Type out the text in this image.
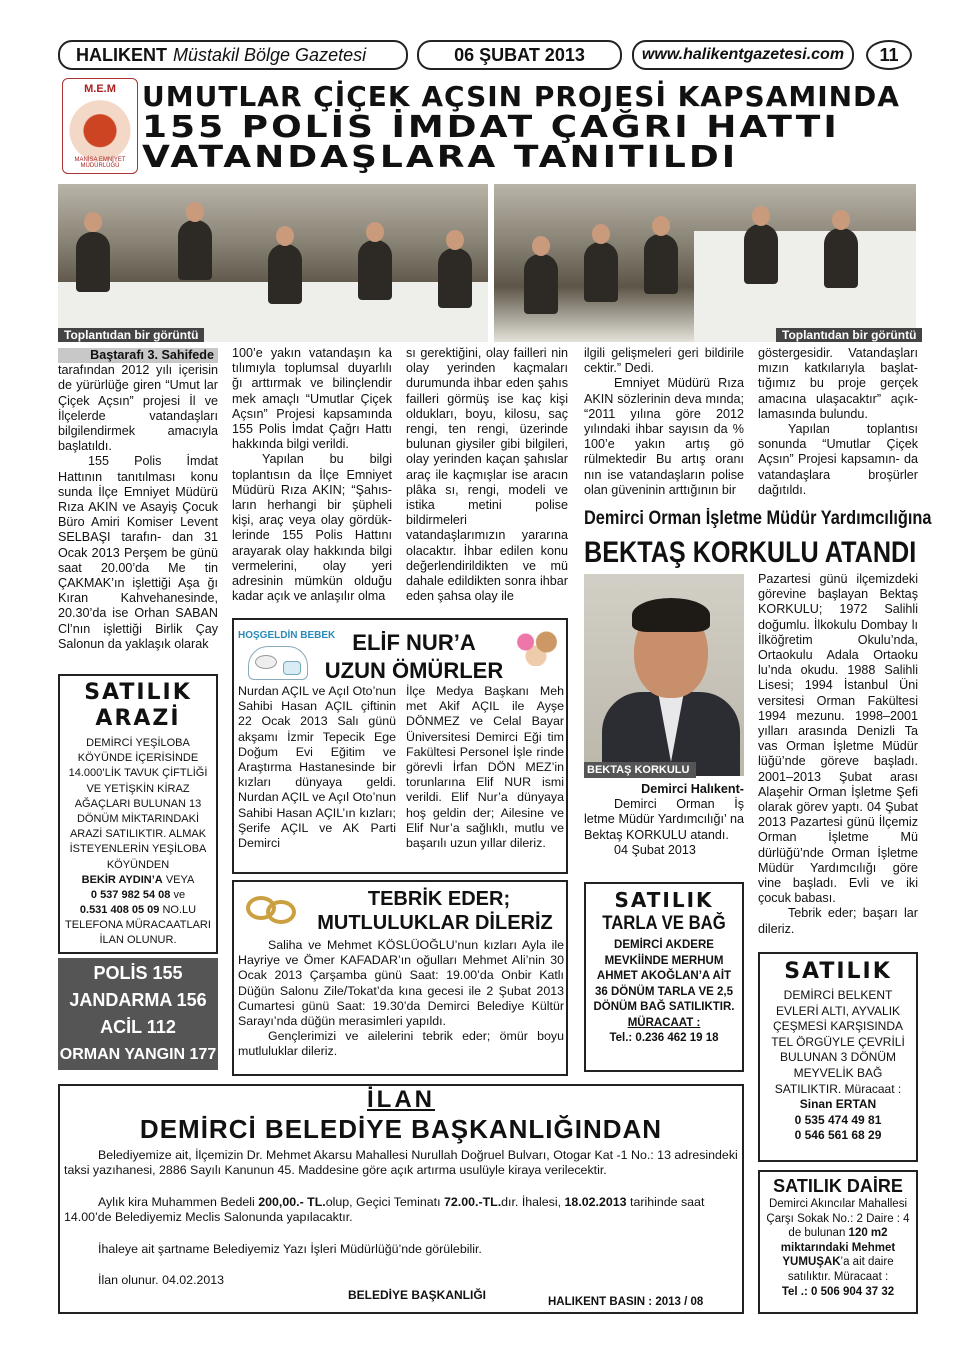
HALIKENT Müstakil Bölge Gazetesi	06 ŞUBAT 2013	www.halikentgazetesi.com	11
M.E.M
MANİSA EMNİYET MÜDÜRLÜĞÜ
UMUTLAR ÇİÇEK AÇSIN PROJESİ KAPSAMINDA
155 POLİS İMDAT ÇAĞRI HATTI
VATANDAŞLARA TANITILDI
Toplantıdan bir görüntü	Toplantıdan bir görüntü
Baştarafı 3. Sahifede

tarafından 2012 yılı içerisin de yürürlüğe giren “Umut lar Çiçek Açsın” projesi İl ve İlçelerde vatandaşları bilgilendirmek amacıyla başlatıldı.

155 Polis İmdat Hattının tanıtılması konu sunda İlçe Emniyet Müdürü Rıza AKIN ve Asayiş Çocuk Büro Amiri Komiser Levent SELBAŞI tarafın- dan 31 Ocak 2013 Perşem be günü saat 20.00’da Me tin ÇAKMAK’ın işlettiği Aşa ğı Kıran Kahvehanesinde, 20.30’da ise Orhan SABAN Cl’nın işlettiği Birlik Çay Salonun da yaklaşık olarak

100’e yakın vatandaşın ka tılımıyla toplumsal duyarlılı ğı arttırmak ve bilinçlendir mek amaçlı “Umutlar Çiçek Açsın” Projesi kapsamında 155 Polis İmdat Çağrı Hattı hakkında bilgi verildi.

Yapılan bu bilgi toplantısın da İlçe Emniyet Müdürü Rıza AKIN; “Şahıs- ların herhangi bir şüpheli kişi, araç veya olay gördük- lerinde 155 Polis Hattını arayarak olay hakkında bilgi vermelerini, olay yeri adresinin mümkün olduğu kadar açık ve anlaşılır olma

sı gerektiğini, olay failleri nin olay yerinden kaçmaları durumunda ihbar eden şahıs failleri görmüş ise kaç kişi oldukları, boyu, kilosu, saç rengi, ten rengi, üzerinde bulunan giysiler gibi bilgileri, olay yerinden kaçan şahıslar araç ile kaçmışlar ise aracın plâka sı, rengi, modeli ve istika metini polise bildirmeleri vatandaşlarımızın yararına olacaktır. İhbar edilen konu değerlendirildikten ve mü dahale edildikten sonra ihbar eden şahsa olay ile

ilgili gelişmeleri geri bildirile cektir.” Dedi.

Emniyet Müdürü Rıza AKIN sözlerinin deva mında; “2011 yılına göre 2012 yılındaki ihbar sayısın da % 100’e yakın artış gö rülmektedir Bu artış oranı nın ise vatandaşların polise olan güveninin arttığının bir

göstergesidir. Vatandaşları mızın katkılarıyla başlat- tığımız bu proje gerçek amacına ulaşacaktır” açık- lamasında bulundu.

Yapılan toplantısı sonunda “Umutlar Çiçek Açsın” Projesi kapsamın- da vatandaşlara broşürler dağıtıldı.

SATILIK
ARAZİ
DEMİRCİ YEŞİLOBA KÖYÜNDE İÇERİSİNDE 14.000’LİK TAVUK ÇİFTLİĞİ VE YETİŞKİN KİRAZ AĞAÇLARI BULUNAN 13 DÖNÜM MİKTARINDAKİ ARAZİ SATILIKTIR. ALMAK İSTEYENLERİN YEŞİLOBA KÖYÜNDEN
BEKİR AYDIN’A VEYA
0 537 982 54 08 ve
0.531 408 05 09 NO.LU
TELEFONA MÜRACAATLARI İLAN OLUNUR.
POLİS 155
JANDARMA 156
ACİL 112
ORMAN YANGIN 177
HOŞGELDİN BEBEK ELİF NUR’A
UZUN ÖMÜRLER
Nurdan AÇIL ve Açıl Oto’nun Sahibi Hasan AÇIL çiftinin 22 Ocak 2013 Salı günü akşamı İzmir Tepecik Ege Doğum Evi Eğitim ve Araştırma Hastanesinde bir kızları dünyaya geldi. Nurdan AÇIL ve Açıl Oto’nun Sahibi Hasan AÇIL’ın kızları; Şerife AÇIL ve AK Parti Demirci
İlçe Medya Başkanı Meh met Akif AÇIL ile Ayşe DÖNMEZ ve Celal Bayar Üniversitesi Demirci Eği tim Fakültesi Personel İşle rinde görevli İrfan DÖN MEZ’in torunlarına Elif NUR ismi verildi. Elif Nur’a dünyaya hoş geldin der; Ailesine ve Elif Nur’a sağlıklı, mutlu ve başarılı uzun yıllar dileriz.
TEBRİK EDER;
MUTLULUKLAR DİLERİZ

Saliha ve Mehmet KÖSLÜOĞLU’nun kızları Ayla ile Hayriye ve Ömer KAFADAR’ın oğulları Mehmet Ali’nin 30 Ocak 2013 Çarşamba günü Saat: 19.00’da Onbir Katlı Düğün Salonu Zile/Tokat’da kına gecesi ile 2 Şubat 2013 Cumartesi günü Saat: 19.30’da Demirci Belediye Kültür Sarayı’nda düğün merasimleri yapıldı.

Gençlerimizi ve ailelerini tebrik eder; ömür boyu mutluluklar dileriz.

Demirci Orman İşletme Müdür Yardımcılığına
BEKTAŞ KORKULU ATANDI
BEKTAŞ KORKULU

Demirci Halıkent-

Demirci Orman İş letme Müdür Yardımcılığı’ na Bektaş KORKULU atandı.

04 Şubat 2013

Pazartesi günü ilçemizdeki görevine başlayan Bektaş KORKULU; 1972 Salihli doğumlu. İlkokulu Dombay lı İlköğretim Okulu’nda, Ortaokulu Adala Ortaoku lu’nda okudu. 1988 Salihli Lisesi; 1994 İstanbul Üni versitesi Orman Fakültesi 1994 mezunu. 1998–2001 yılları arasında Denizli Ta vas Orman İşletme Müdür lüğü’nde göreve başladı. 2001–2013 Şubat arası Alaşehir Orman İşletme Şefi olarak görev yaptı. 04 Şubat 2013 Pazartesi günü İlçemiz Orman İşletme Mü dürlüğü’nde Orman İşletme Müdür Yardımcılığı göre vine başladı. Evli ve iki çocuk babası.

Tebrik eder; başarı lar dileriz.

SATILIK
TARLA VE BAĞ
DEMİRCİ AKDERE MEVKİİNDE MERHUM AHMET AKOĞLAN’A AİT 36 DÖNÜM TARLA VE 2,5 DÖNÜM BAĞ SATILIKTIR.
MÜRACAAT :
Tel.: 0.236 462 19 18
SATILIK
DEMİRCİ BELKENT EVLERİ ALTI, AYVALIK ÇEŞMESİ KARŞISINDA TEL ÖRGÜYLE ÇEVRİLİ BULUNAN 3 DÖNÜM MEYVELİK BAĞ SATILIKTIR. Müracaat :
Sinan ERTAN
0 535 474 49 81
0 546 561 68 29
SATILIK DAİRE
Demirci Akıncılar Mahallesi Çarşı Sokak No.: 2 Daire : 4 de bulunan 120 m2 miktarındaki Mehmet YUMUŞAK’a ait daire satılıktır. Müracaat :
Tel .: 0 506 904 37 32
İLAN
DEMİRCİ BELEDİYE BAŞKANLIĞINDAN

Belediyemize ait, İlçemizin Dr. Mehmet Akarsu Mahallesi Nurullah Doğruel Bulvarı, Otogar Kat -1 No.: 13 adresindeki taksi yazıhanesi, 2886 Sayılı Kanunun 45. Maddesine göre açık artırma usulüyle kiraya verilecektir.

Aylık kira Muhammen Bedeli 200,00.- TL.olup, Geçici Teminatı 72.00.-TL.dır. İhalesi, 18.02.2013 tarihinde saat 14.00’de Belediyemiz Meclis Salonunda yapılacaktır.

İhaleye ait şartname Belediyemiz Yazı İşleri Müdürlüğü’nde görülebilir.

İlan olunur. 04.02.2013

BELEDİYE BAŞKANLIĞI	HALIKENT BASIN : 2013 / 08
